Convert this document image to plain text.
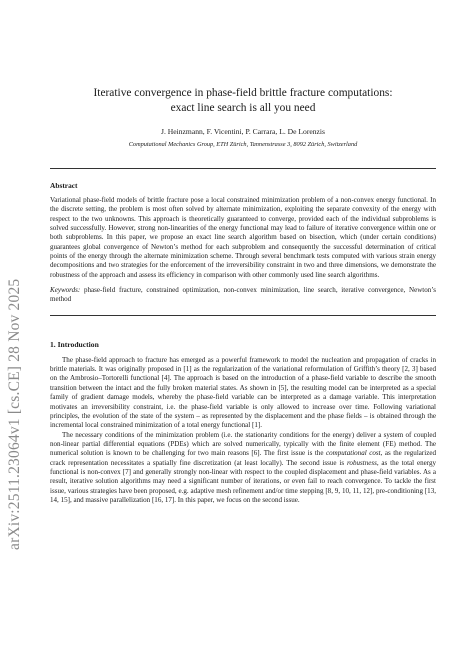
arXiv:2511.23064v1 [cs.CE] 28 Nov 2025
Iterative convergence in phase-field brittle fracture computations:
exact line search is all you need
J. Heinzmann, F. Vicentini, P. Carrara, L. De Lorenzis
Computational Mechanics Group, ETH Zürich, Tannenstrasse 3, 8092 Zürich, Switzerland
Abstract

Variational phase-field models of brittle fracture pose a local constrained minimization problem of a non-convex energy functional. In the discrete setting, the problem is most often solved by alternate minimization, exploiting the separate convexity of the energy with respect to the two unknowns. This approach is theoretically guaranteed to converge, provided each of the individual subproblems is solved successfully. However, strong non-linearities of the energy functional may lead to failure of iterative convergence within one or both subproblems. In this paper, we propose an exact line search algorithm based on bisection, which (under certain conditions) guarantees global convergence of Newton’s method for each subproblem and consequently the successful determination of critical points of the energy through the alternate minimization scheme. Through several benchmark tests computed with various strain energy decompositions and two strategies for the enforcement of the irreversibility constraint in two and three dimensions, we demonstrate the robustness of the approach and assess its efficiency in comparison with other commonly used line search algorithms.

Keywords: phase-field fracture, constrained optimization, non-convex minimization, line search, iterative convergence, Newton’s method

1. Introduction

The phase-field approach to fracture has emerged as a powerful framework to model the nucleation and propagation of cracks in brittle materials. It was originally proposed in [1] as the regularization of the variational reformulation of Griffith’s theory [2, 3] based on the Ambrosio–Tortorelli functional [4]. The approach is based on the introduction of a phase-field variable to describe the smooth transition between the intact and the fully broken material states. As shown in [5], the resulting model can be interpreted as a special family of gradient damage models, whereby the phase-field variable can be interpreted as a damage variable. This interpretation motivates an irreversibility constraint, i.e. the phase-field variable is only allowed to increase over time. Following variational principles, the evolution of the state of the system – as represented by the displacement and the phase fields – is obtained through the incremental local constrained minimization of a total energy functional [1].

The necessary conditions of the minimization problem (i.e. the stationarity conditions for the energy) deliver a system of coupled non-linear partial differential equations (PDEs) which are solved numerically, typically with the finite element (FE) method. The numerical solution is known to be challenging for two main reasons [6]. The first issue is the computational cost, as the regularized crack representation necessitates a spatially fine discretization (at least locally). The second issue is robustness, as the total energy functional is non-convex [7] and generally strongly non-linear with respect to the coupled displacement and phase-field variables. As a result, iterative solution algorithms may need a significant number of iterations, or even fail to reach convergence. To tackle the first issue, various strategies have been proposed, e.g. adaptive mesh refinement and/or time stepping [8, 9, 10, 11, 12], pre-conditioning [13, 14, 15], and massive parallelization [16, 17]. In this paper, we focus on the second issue.
